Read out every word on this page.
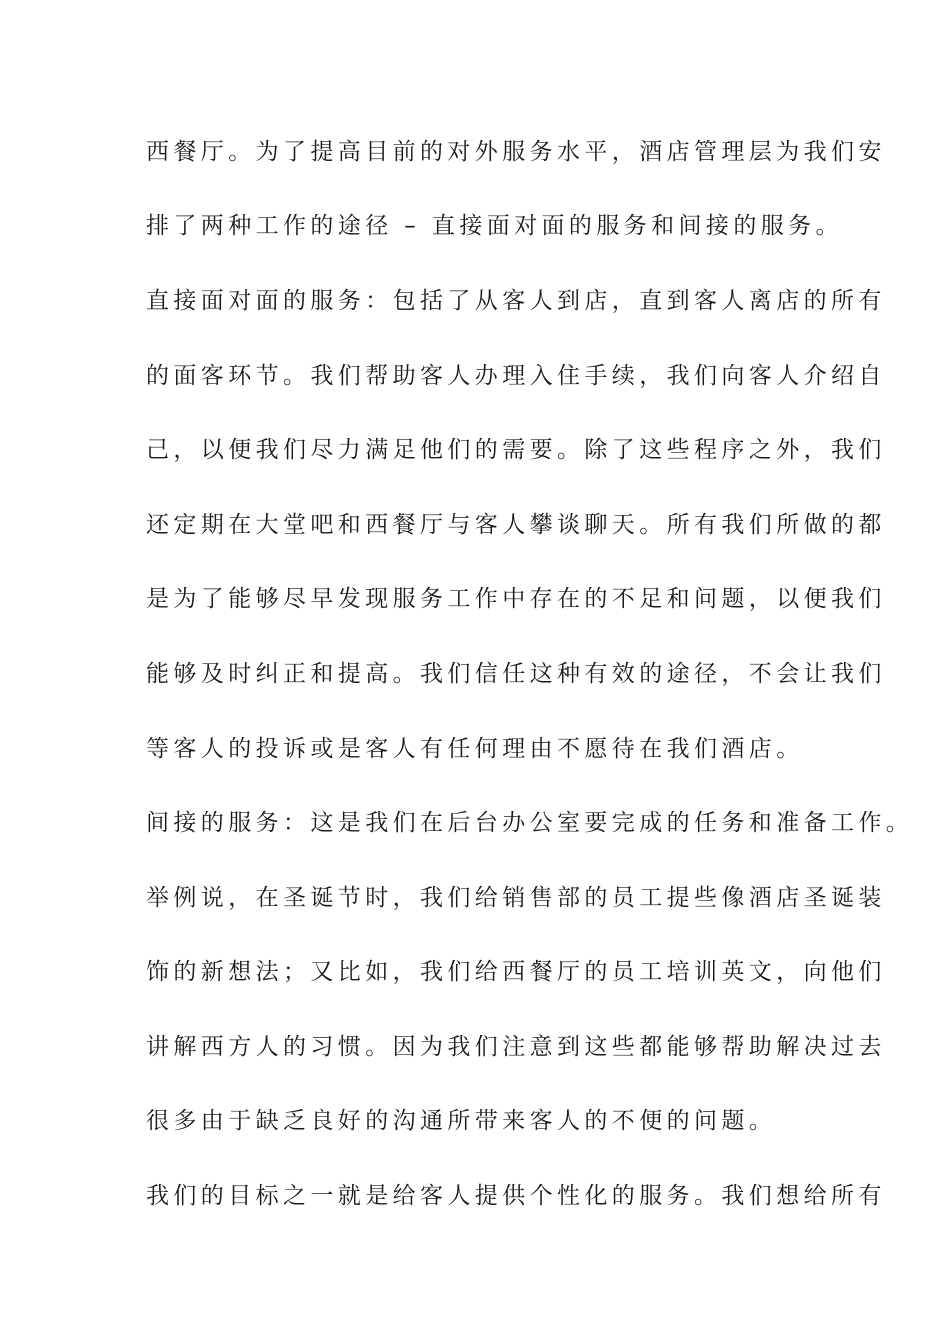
西餐厅。为了提高目前的对外服务水平，酒店管理层为我们安
排了两种工作的途径 – 直接面对面的服务和间接的服务。
直接面对面的服务：包括了从客人到店，直到客人离店的所有
的面客环节。我们帮助客人办理入住手续，我们向客人介绍自
己，以便我们尽力满足他们的需要。除了这些程序之外，我们
还定期在大堂吧和西餐厅与客人攀谈聊天。所有我们所做的都
是为了能够尽早发现服务工作中存在的不足和问题，以便我们
能够及时纠正和提高。我们信任这种有效的途径，不会让我们
等客人的投诉或是客人有任何理由不愿待在我们酒店。
间接的服务：这是我们在后台办公室要完成的任务和准备工作。
举例说，在圣诞节时，我们给销售部的员工提些像酒店圣诞装
饰的新想法；又比如，我们给西餐厅的员工培训英文，向他们
讲解西方人的习惯。因为我们注意到这些都能够帮助解决过去
很多由于缺乏良好的沟通所带来客人的不便的问题。
我们的目标之一就是给客人提供个性化的服务。我们想给所有
